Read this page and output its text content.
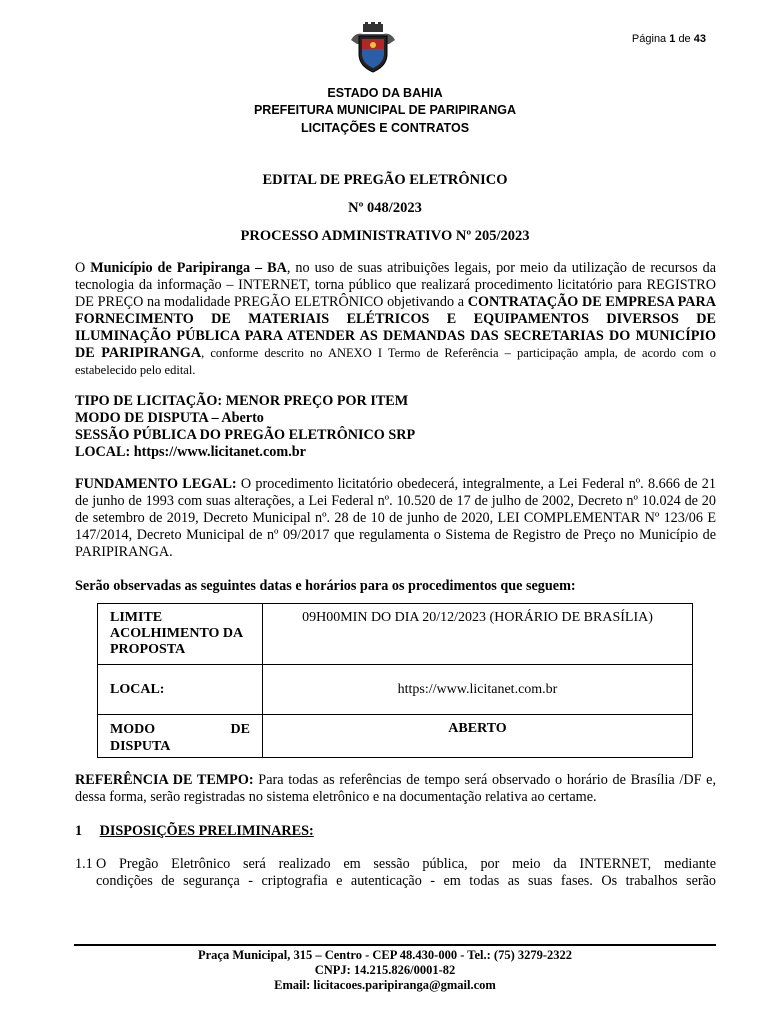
Página 1 de 43
ESTADO DA BAHIA
PREFEITURA MUNICIPAL DE PARIPIRANGA
LICITAÇÕES E CONTRATOS
EDITAL DE PREGÃO ELETRÔNICO
Nº 048/2023
PROCESSO ADMINISTRATIVO Nº 205/2023
O Município de Paripiranga – BA, no uso de suas atribuições legais, por meio da utilização de recursos da tecnologia da informação – INTERNET, torna público que realizará procedimento licitatório para REGISTRO DE PREÇO na modalidade PREGÃO ELETRÔNICO objetivando a CONTRATAÇÃO DE EMPRESA PARA FORNECIMENTO DE MATERIAIS ELÉTRICOS E EQUIPAMENTOS DIVERSOS DE ILUMINAÇÃO PÚBLICA PARA ATENDER AS DEMANDAS DAS SECRETARIAS DO MUNICÍPIO DE PARIPIRANGA, conforme descrito no ANEXO I Termo de Referência – participação ampla, de acordo com o estabelecido pelo edital.
TIPO DE LICITAÇÃO: MENOR PREÇO POR ITEM
MODO DE DISPUTA – Aberto
SESSÃO PÚBLICA DO PREGÃO ELETRÔNICO SRP
LOCAL: https://www.licitanet.com.br
FUNDAMENTO LEGAL: O procedimento licitatório obedecerá, integralmente, a Lei Federal nº. 8.666 de 21 de junho de 1993 com suas alterações, a Lei Federal nº. 10.520 de 17 de julho de 2002, Decreto nº 10.024 de 20 de setembro de 2019, Decreto Municipal nº. 28 de 10 de junho de 2020, LEI COMPLEMENTAR Nº 123/06 E 147/2014, Decreto Municipal de nº 09/2017 que regulamenta o Sistema de Registro de Preço no Município de PARIPIRANGA.
Serão observadas as seguintes datas e horários para os procedimentos que seguem:
LIMITE ACOLHIMENTO DA PROPOSTA	09H00MIN DO DIA 20/12/2023 (HORÁRIO DE BRASÍLIA)
LOCAL:	https://www.licitanet.com.br

MODO DE
DISPUTA	ABERTO
REFERÊNCIA DE TEMPO: Para todas as referências de tempo será observado o horário de Brasília /DF e, dessa forma, serão registradas no sistema eletrônico e na documentação relativa ao certame.
1 DISPOSIÇÕES PRELIMINARES:
1.1 O Pregão Eletrônico será realizado em sessão pública, por meio da INTERNET, mediante
condições de segurança - criptografia e autenticação - em todas as suas fases. Os trabalhos serão
Praça Municipal, 315 – Centro - CEP 48.430-000 - Tel.: (75) 3279-2322
CNPJ: 14.215.826/0001-82
Email: licitacoes.paripiranga@gmail.com
